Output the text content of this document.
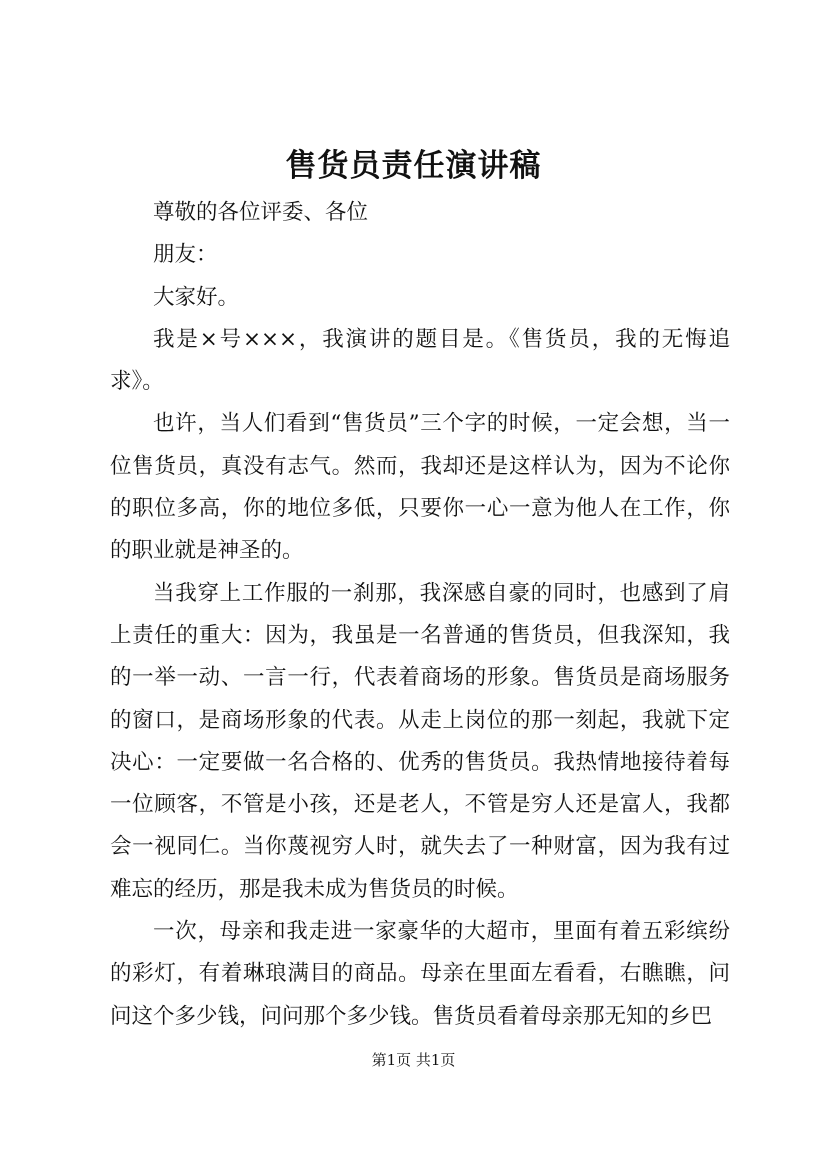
售货员责任演讲稿

尊敬的各位评委、各位

朋友：

大家好。

我是×号×××，我演讲的题目是。《售货员，我的无悔追求》。

也许，当人们看到“售货员”三个字的时候，一定会想，当一位售货员，真没有志气。然而，我却还是这样认为，因为不论你的职位多高，你的地位多低，只要你一心一意为他人在工作，你的职业就是神圣的。

当我穿上工作服的一刹那，我深感自豪的同时，也感到了肩上责任的重大：因为，我虽是一名普通的售货员，但我深知，我的一举一动、一言一行，代表着商场的形象。售货员是商场服务的窗口，是商场形象的代表。从走上岗位的那一刻起，我就下定决心：一定要做一名合格的、优秀的售货员。我热情地接待着每一位顾客，不管是小孩，还是老人，不管是穷人还是富人，我都会一视同仁。当你蔑视穷人时，就失去了一种财富，因为我有过难忘的经历，那是我未成为售货员的时候。

一次，母亲和我走进一家豪华的大超市，里面有着五彩缤纷的彩灯，有着琳琅满目的商品。母亲在里面左看看，右瞧瞧，问问这个多少钱，问问那个多少钱。售货员看着母亲那无知的乡巴

第1页 共1页
